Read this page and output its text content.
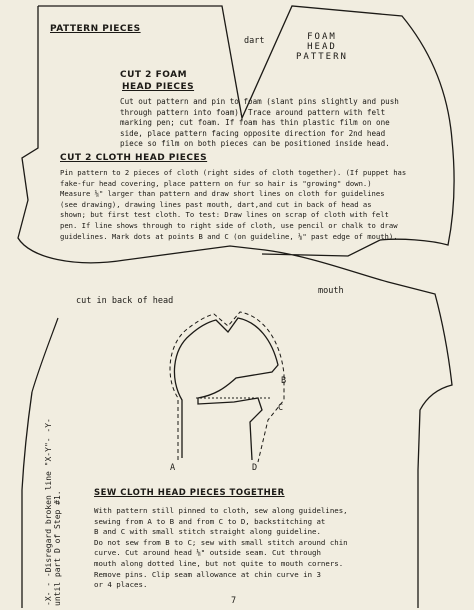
PATTERN PIECES
dart	FOAM
HEAD
PATTERN
CUT 2 FOAM
HEAD PIECES
Cut out pattern and pin to foam (slant pins slightly and push
through pattern into foam). Trace around pattern with felt
marking pen; cut foam. If foam has thin plastic film on one
side, place pattern facing opposite direction for 2nd head
piece so film on both pieces can be positioned inside head.
CUT 2 CLOTH HEAD PIECES
Pin pattern to 2 pieces of cloth (right sides of cloth together). (If puppet has
fake-fur head covering, place pattern on fur so hair is "growing" down.)
Measure ⅛" larger than pattern and draw short lines on cloth for guidelines
(see drawing), drawing lines past mouth, dart,and cut in back of head as
shown; but first test cloth. To test: Draw lines on scrap of cloth with felt
pen. If line shows through to right side of cloth, use pencil or chalk to draw
guidelines. Mark dots at points B and C (on guideline, ⅛" past edge of mouth).
cut in back of head
mouth
B
C
A	D
SEW CLOTH HEAD PIECES TOGETHER
With pattern still pinned to cloth, sew along guidelines,
sewing from A to B and from C to D, backstitching at
B and C with small stitch straight along guideline.
Do not sew from B to C; sew with small stitch around chin
curve. Cut around head ⅛" outside seam. Cut through
mouth along dotted line, but not quite to mouth corners.
Remove pins. Clip seam allowance at chin curve in 3
or 4 places.
-X- - -Disregard broken line "X-Y"- -Y-
until part D of Step #1.
7
